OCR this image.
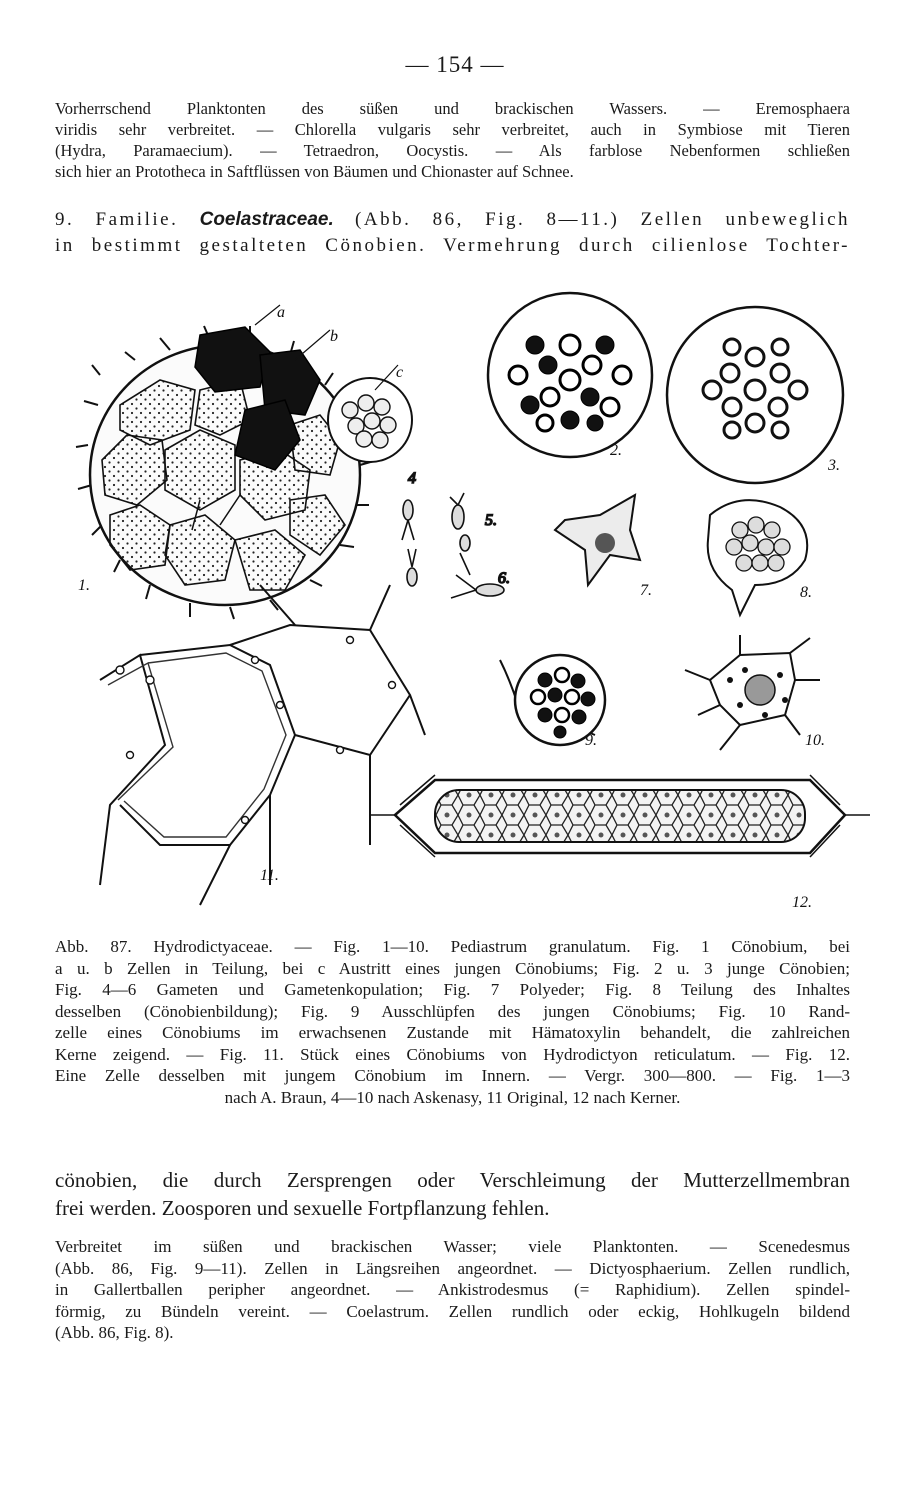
— 154 —
Vorherrschend Planktonten des süßen und brackischen Wassers. — Eremosphaera
viridis sehr verbreitet. — Chlorella vulgaris sehr verbreitet, auch in Symbiose mit Tieren
(Hydra, Paramaecium). — Tetraedron, Oocystis. — Als farblose Nebenformen schließen
sich hier an Prototheca in Saftflüssen von Bäumen und Chionaster auf Schnee.
9. Familie. Coelastraceae. (Abb. 86, Fig. 8—11.) Zellen unbeweglich
in bestimmt gestalteten Cönobien. Vermehrung durch cilienlose Tochter-
a
b
c
1.
2.
3.
4
5.
6.
7.	8.
9.	10.
11.
12.
Abb. 87. Hydrodictyaceae. — Fig. 1—10. Pediastrum granulatum. Fig. 1 Cönobium, bei
a u. b Zellen in Teilung, bei c Austritt eines jungen Cönobiums; Fig. 2 u. 3 junge Cönobien;
Fig. 4—6 Gameten und Gametenkopulation; Fig. 7 Polyeder; Fig. 8 Teilung des Inhaltes
desselben (Cönobienbildung); Fig. 9 Ausschlüpfen des jungen Cönobiums; Fig. 10 Rand-
zelle eines Cönobiums im erwachsenen Zustande mit Hämatoxylin behandelt, die zahlreichen
Kerne zeigend. — Fig. 11. Stück eines Cönobiums von Hydrodictyon reticulatum. — Fig. 12.
Eine Zelle desselben mit jungem Cönobium im Innern. — Vergr. 300—800. — Fig. 1—3
nach A. Braun, 4—10 nach Askenasy, 11 Original, 12 nach Kerner.
cönobien, die durch Zersprengen oder Verschleimung der Mutterzellmembran
frei werden. Zoosporen und sexuelle Fortpflanzung fehlen.
Verbreitet im süßen und brackischen Wasser; viele Planktonten. — Scenedesmus
(Abb. 86, Fig. 9—11). Zellen in Längsreihen angeordnet. — Dictyosphaerium. Zellen rundlich,
in Gallertballen peripher angeordnet. — Ankistrodesmus (= Raphidium). Zellen spindel-
förmig, zu Bündeln vereint. — Coelastrum. Zellen rundlich oder eckig, Hohlkugeln bildend
(Abb. 86, Fig. 8).
